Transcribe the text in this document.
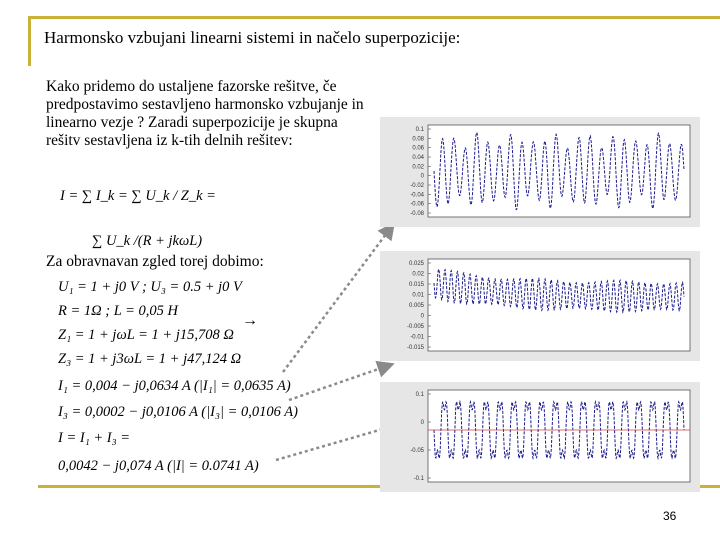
Harmonsko vzbujani linearni sistemi in načelo superpozicije:
Kako pridemo do ustaljene fazorske rešitve, če predpostavimo sestavljeno harmonsko vzbujanje in linearno vezje ? Zaradi superpozicije je skupna rešitv sestavljena iz k-tih delnih rešitev:
I = ∑ I_k = ∑ U_k / Z_k =
∑ U_k /(R + jkωL)
Za obravnavan zgled torej dobimo:
U₁ = 1 + j0 V ; U₃ = 0.5 + j0 V
R = 1Ω ; L = 0,05 H
Z₁ = 1 + jωL = 1 + j15,708 Ω
Z₃ = 1 + j3ωL = 1 + j47,124 Ω
→
I₁ = 0,004 − j0,0634 A (|I₁| = 0,0635 A)
I₃ = 0,0002 − j0,0106 A (|I₃| = 0,0106 A)
I = I₁ + I₃ =
0,0042 − j0,074 A (|I| = 0.0741 A)
0.1
0.08
0.06
0.04
0.02
0
-0.02
-0.04
-0.06
-0.08
0.025
0.02
0.015
0.01
0.005
0
-0.005
-0.01
-0.015
0.1
0
-0.05
-0.1
36
